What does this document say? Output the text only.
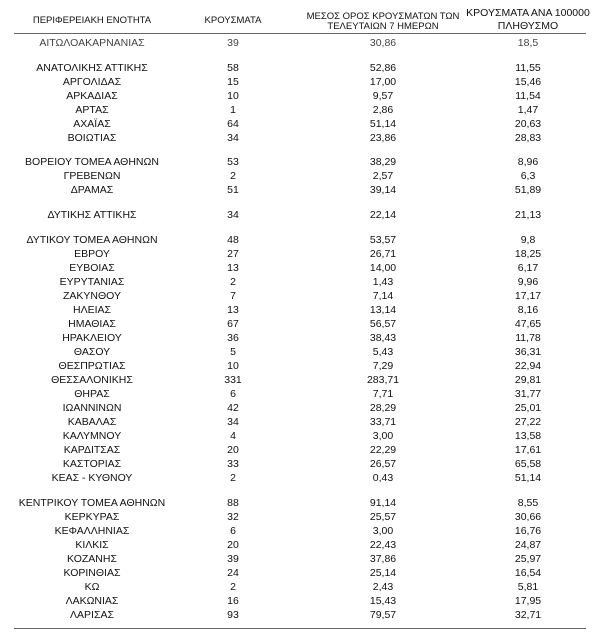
ΠΕΡΙΦΕΡΕΙΑΚΗ ΕΝΟΤΗΤΑ	ΚΡΟΥΣΜΑΤΑ	ΜΕΣΟΣ ΟΡΟΣ ΚΡΟΥΣΜΑΤΩΝ ΤΩΝ
ΤΕΛΕΥΤΑΙΩΝ 7 ΗΜΕΡΩΝ
ΚΡΟΥΣΜΑΤΑ ΑΝΑ 100000
ΠΛΗΘΥΣΜΟ
ΑΙΤΩΛΟΑΚΑΡΝΑΝΙΑΣ	39	30,86	18,5
ΑΝΑΤΟΛΙΚΗΣ ΑΤΤΙΚΗΣ	58	52,86	11,55
ΑΡΓΟΛΙΔΑΣ	15	17,00	15,46
ΑΡΚΑΔΙΑΣ	10	9,57	11,54
ΑΡΤΑΣ	1	2,86	1,47
ΑΧΑΪΑΣ	64	51,14	20,63
ΒΟΙΩΤΙΑΣ	34	23,86	28,83
ΒΟΡΕΙΟΥ ΤΟΜΕΑ ΑΘΗΝΩΝ	53	38,29	8,96
ΓΡΕΒΕΝΩΝ	2	2,57	6,3
ΔΡΑΜΑΣ	51	39,14	51,89
ΔΥΤΙΚΗΣ ΑΤΤΙΚΗΣ	34	22,14	21,13
ΔΥΤΙΚΟΥ ΤΟΜΕΑ ΑΘΗΝΩΝ	48	53,57	9,8
ΕΒΡΟΥ	27	26,71	18,25
ΕΥΒΟΙΑΣ	13	14,00	6,17
ΕΥΡΥΤΑΝΙΑΣ	2	1,43	9,96
ΖΑΚΥΝΘΟΥ	7	7,14	17,17
ΗΛΕΙΑΣ	13	13,14	8,16
ΗΜΑΘΙΑΣ	67	56,57	47,65
ΗΡΑΚΛΕΙΟΥ	36	38,43	11,78
ΘΑΣΟΥ	5	5,43	36,31
ΘΕΣΠΡΩΤΙΑΣ	10	7,29	22,94
ΘΕΣΣΑΛΟΝΙΚΗΣ	331	283,71	29,81
ΘΗΡΑΣ	6	7,71	31,77
ΙΩΑΝΝΙΝΩΝ	42	28,29	25,01
ΚΑΒΑΛΑΣ	34	33,71	27,22
ΚΑΛΥΜΝΟΥ	4	3,00	13,58
ΚΑΡΔΙΤΣΑΣ	20	22,29	17,61
ΚΑΣΤΟΡΙΑΣ	33	26,57	65,58
ΚΕΑΣ - ΚΥΘΝΟΥ	2	0,43	51,14
ΚΕΝΤΡΙΚΟΥ ΤΟΜΕΑ ΑΘΗΝΩΝ	88	91,14	8,55
ΚΕΡΚΥΡΑΣ	32	25,57	30,66
ΚΕΦΑΛΛΗΝΙΑΣ	6	3,00	16,76
ΚΙΛΚΙΣ	20	22,43	24,87
ΚΟΖΑΝΗΣ	39	37,86	25,97
ΚΟΡΙΝΘΙΑΣ	24	25,14	16,54
ΚΩ	2	2,43	5,81
ΛΑΚΩΝΙΑΣ	16	15,43	17,95
ΛΑΡΙΣΑΣ	93	79,57	32,71
